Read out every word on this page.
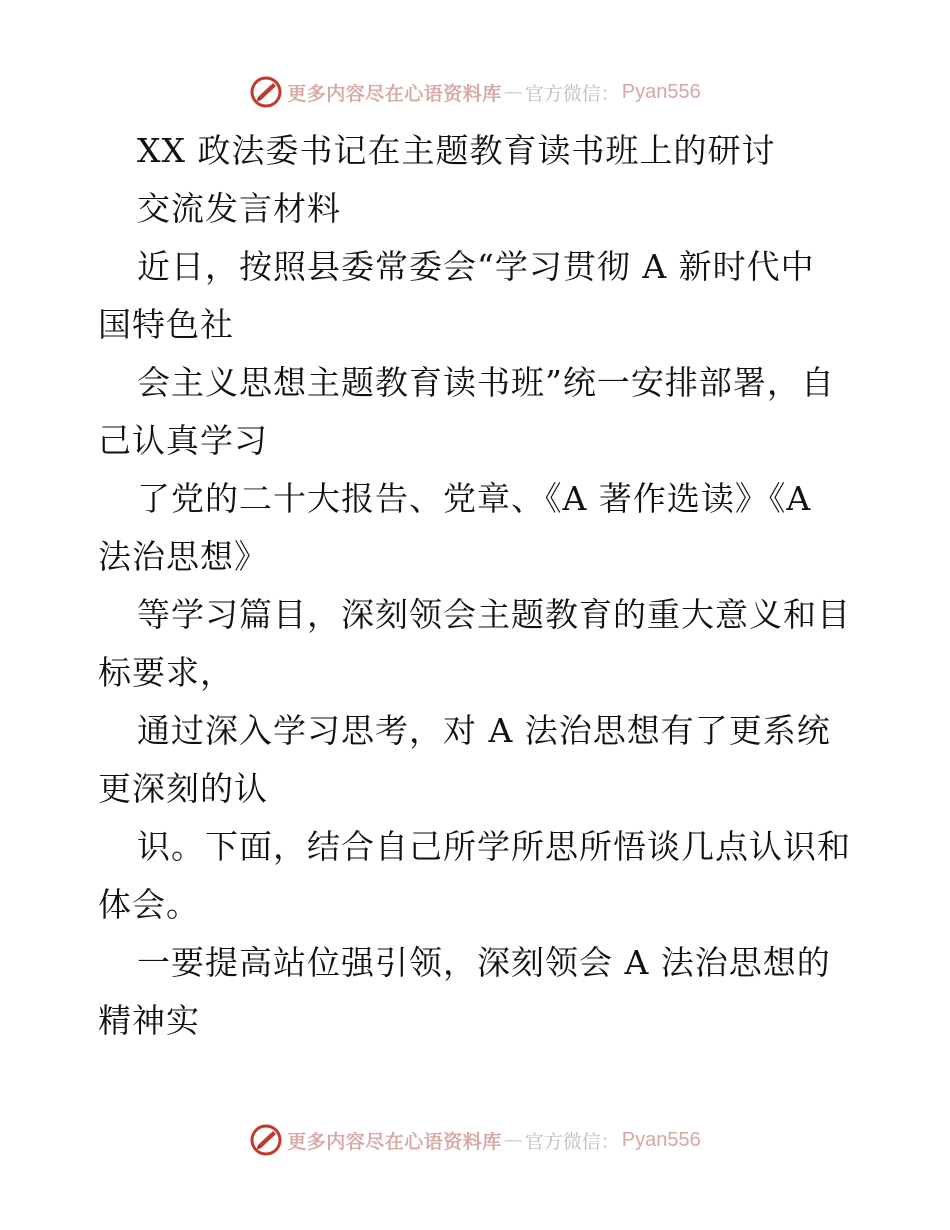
更多内容尽在心语资料库 — 官方微信： Pyan556
XX 政法委书记在主题教育读书班上的研讨
交流发言材料
近日，按照县委常委会“学习贯彻 A 新时代中
国特色社
会主义思想主题教育读书班”统一安排部署，自
己认真学习
了党的二十大报告、党章、《A 著作选读》《A
法治思想》
等学习篇目，深刻领会主题教育的重大意义和目
标要求，
通过深入学习思考，对 A 法治思想有了更系统
更深刻的认
识。下面，结合自己所学所思所悟谈几点认识和
体会。
一要提高站位强引领，深刻领会 A 法治思想的
精神实
更多内容尽在心语资料库 — 官方微信： Pyan556
